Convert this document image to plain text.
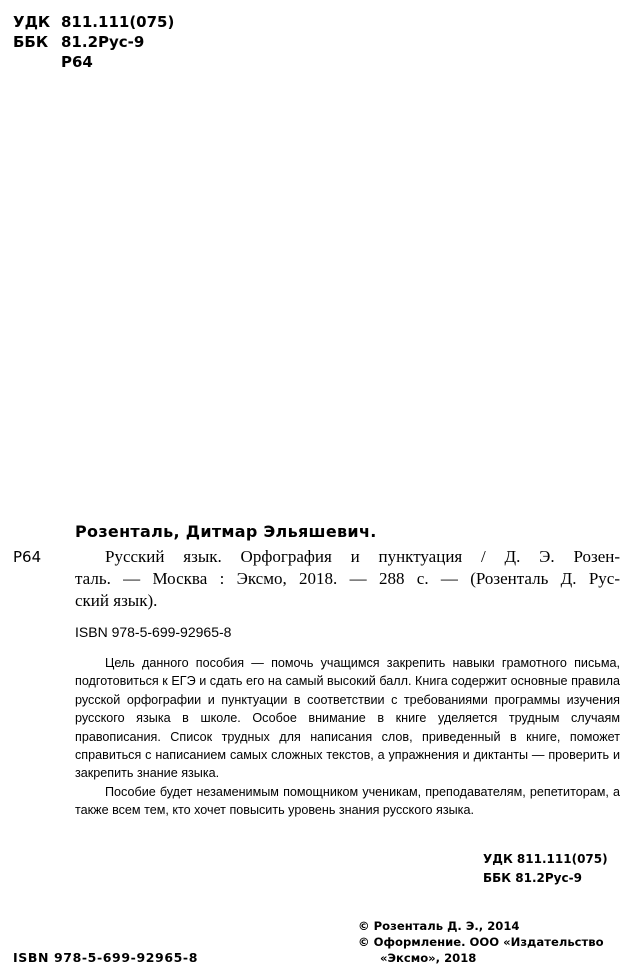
УДК 811.111(075)
ББК 81.2Рус-9
Р64
Розенталь, Дитмар Эльяшевич.
Р64	Русский язык. Орфография и пунктуация / Д. Э. Розен-
таль. — Москва : Эксмо, 2018. — 288 с. — (Розенталь Д. Рус-
ский язык).
ISBN 978-5-699-92965-8

Цель данного пособия — помочь учащимся закрепить навыки грамотного письма, подготовиться к ЕГЭ и сдать его на самый высокий балл. Книга содержит основные правила русской орфографии и пунктуации в соответствии с требованиями программы изучения русского языка в школе. Особое внимание в книге уделяется трудным случаям правописания. Список трудных для написания слов, приведенный в книге, поможет справиться с написанием самых сложных текстов, а упражнения и диктанты — проверить и закрепить знание языка.

Пособие будет незаменимым помощником ученикам, преподавателям, репетиторам, а также всем тем, кто хочет повысить уровень знания русского языка.

УДК 811.111(075)
ББК 81.2Рус-9
© Розенталь Д. Э., 2014
© Оформление. ООО «Издательство
«Эксмо», 2018
ISBN 978-5-699-92965-8
